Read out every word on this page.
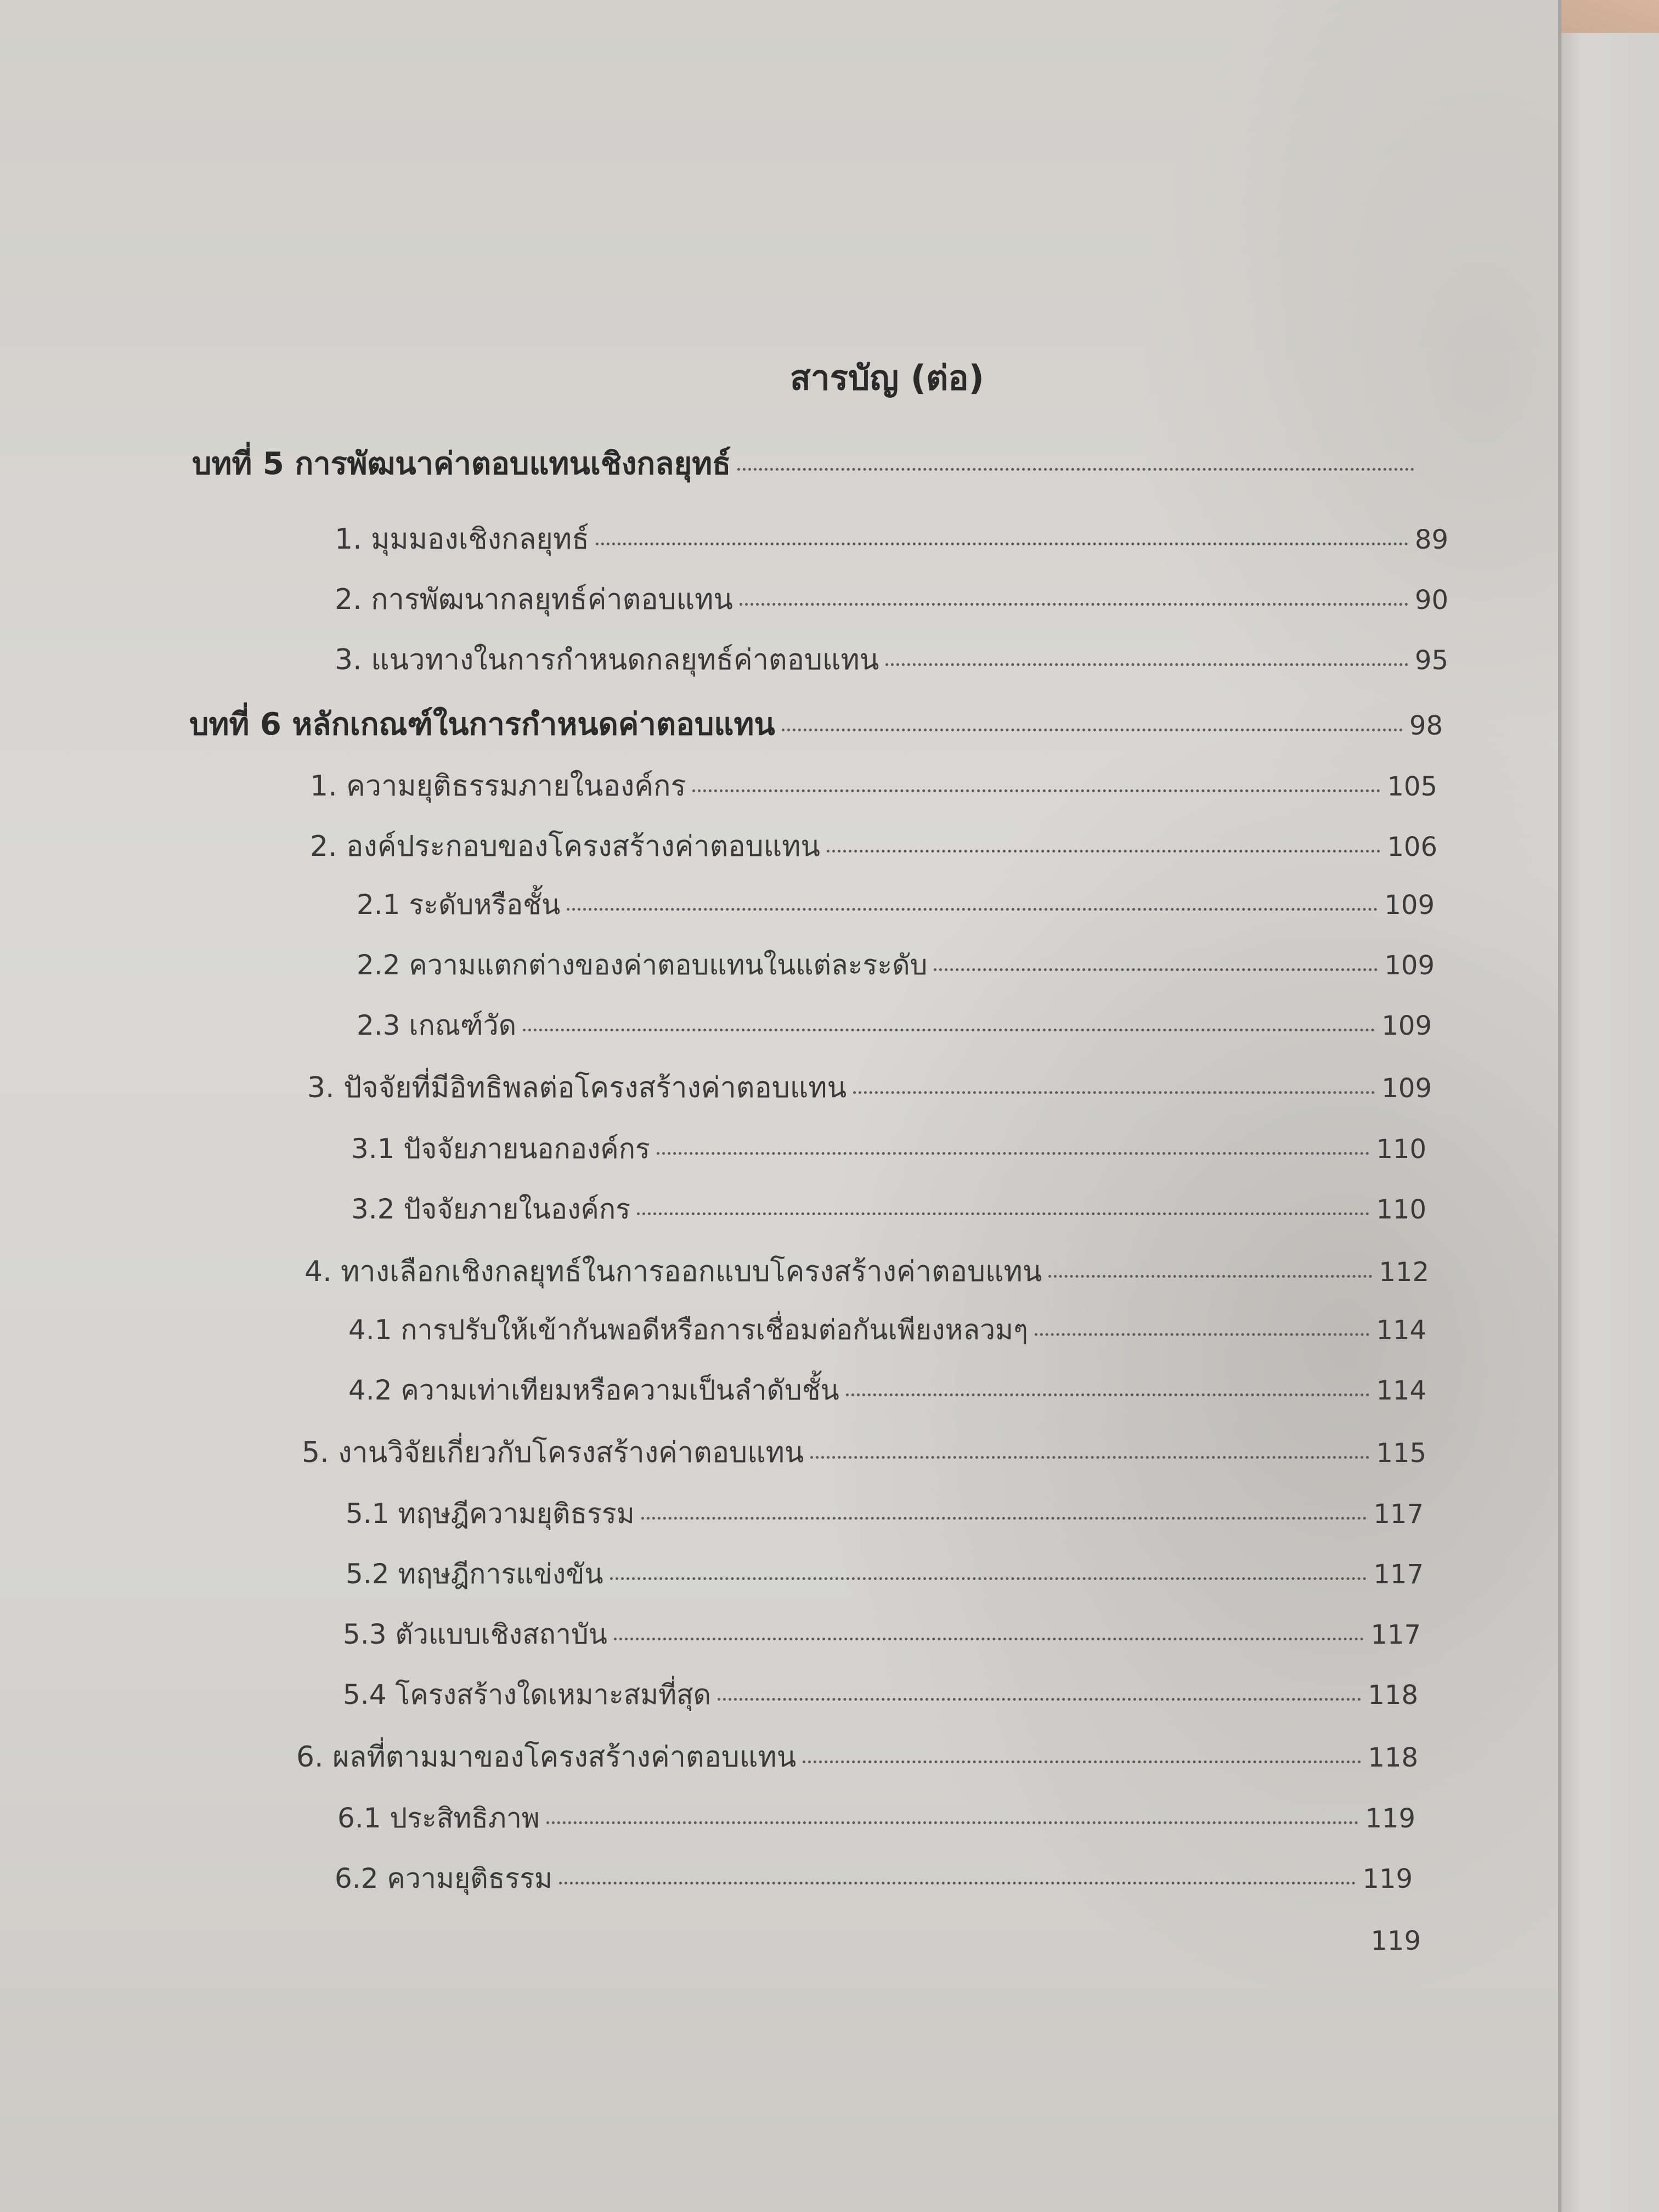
สารบัญ (ต่อ)
บทที่ 5 การพัฒนาค่าตอบแทนเชิงกลยุทธ์
1. มุมมองเชิงกลยุทธ์	89
2. การพัฒนากลยุทธ์ค่าตอบแทน	90
3. แนวทางในการกำหนดกลยุทธ์ค่าตอบแทน	95
บทที่ 6 หลักเกณฑ์ในการกำหนดค่าตอบแทน	98
1. ความยุติธรรมภายในองค์กร	105
2. องค์ประกอบของโครงสร้างค่าตอบแทน	106
2.1 ระดับหรือชั้น	109
2.2 ความแตกต่างของค่าตอบแทนในแต่ละระดับ	109
2.3 เกณฑ์วัด	109
3. ปัจจัยที่มีอิทธิพลต่อโครงสร้างค่าตอบแทน	109
3.1 ปัจจัยภายนอกองค์กร	110
3.2 ปัจจัยภายในองค์กร	110
4. ทางเลือกเชิงกลยุทธ์ในการออกแบบโครงสร้างค่าตอบแทน	112
4.1 การปรับให้เข้ากันพอดีหรือการเชื่อมต่อกันเพียงหลวมๆ	114
4.2 ความเท่าเทียมหรือความเป็นลำดับชั้น	114
5. งานวิจัยเกี่ยวกับโครงสร้างค่าตอบแทน	115
5.1 ทฤษฎีความยุติธรรม	117
5.2 ทฤษฎีการแข่งขัน	117
5.3 ตัวแบบเชิงสถาบัน	117
5.4 โครงสร้างใดเหมาะสมที่สุด	118
6. ผลที่ตามมาของโครงสร้างค่าตอบแทน	118
6.1 ประสิทธิภาพ	119
6.2 ความยุติธรรม	119
119
